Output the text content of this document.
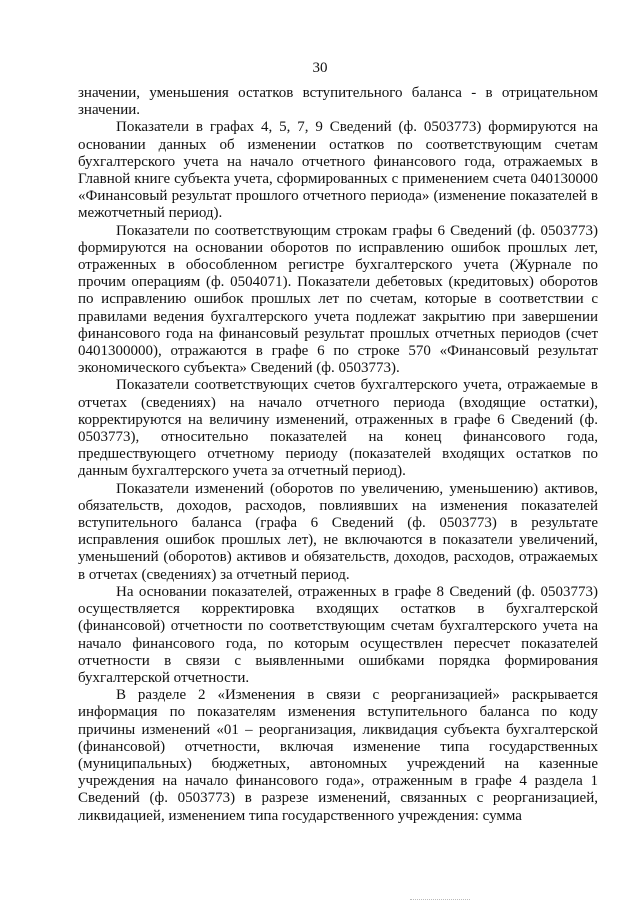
30

значении, уменьшения остатков вступительного баланса - в отрицательном значении.

Показатели в графах 4, 5, 7, 9 Сведений (ф. 0503773) формируются на основании данных об изменении остатков по соответствующим счетам бухгалтерского учета на начало отчетного финансового года, отражаемых в Главной книге субъекта учета, сформированных с применением счета 040130000 «Финансовый результат прошлого отчетного периода» (изменение показателей в межотчетный период).

Показатели по соответствующим строкам графы 6 Сведений (ф. 0503773) формируются на основании оборотов по исправлению ошибок прошлых лет, отраженных в обособленном регистре бухгалтерского учета (Журнале по прочим операциям (ф. 0504071). Показатели дебетовых (кредитовых) оборотов по исправлению ошибок прошлых лет по счетам, которые в соответствии с правилами ведения бухгалтерского учета подлежат закрытию при завершении финансового года на финансовый результат прошлых отчетных периодов (счет 0401300000), отражаются в графе 6 по строке 570 «Финансовый результат экономического субъекта» Сведений (ф. 0503773).

Показатели соответствующих счетов бухгалтерского учета, отражаемые в отчетах (сведениях) на начало отчетного периода (входящие остатки), корректируются на величину изменений, отраженных в графе 6 Сведений (ф. 0503773), относительно показателей на конец финансового года, предшествующего отчетному периоду (показателей входящих остатков по данным бухгалтерского учета за отчетный период).

Показатели изменений (оборотов по увеличению, уменьшению) активов, обязательств, доходов, расходов, повлиявших на изменения показателей вступительного баланса (графа 6 Сведений (ф. 0503773) в результате исправления ошибок прошлых лет), не включаются в показатели увеличений, уменьшений (оборотов) активов и обязательств, доходов, расходов, отражаемых в отчетах (сведениях) за отчетный период.

На основании показателей, отраженных в графе 8 Сведений (ф. 0503773) осуществляется корректировка входящих остатков в бухгалтерской (финансовой) отчетности по соответствующим счетам бухгалтерского учета на начало финансового года, по которым осуществлен пересчет показателей отчетности в связи с выявленными ошибками порядка формирования бухгалтерской отчетности.

В разделе 2 «Изменения в связи с реорганизацией» раскрывается информация по показателям изменения вступительного баланса по коду причины изменений «01 – реорганизация, ликвидация субъекта бухгалтерской (финансовой) отчетности, включая изменение типа государственных (муниципальных) бюджетных, автономных учреждений на казенные учреждения на начало финансового года», отраженным в графе 4 раздела 1 Сведений (ф. 0503773) в разрезе изменений, связанных с реорганизацией, ликвидацией, изменением типа государственного учреждения: сумма
